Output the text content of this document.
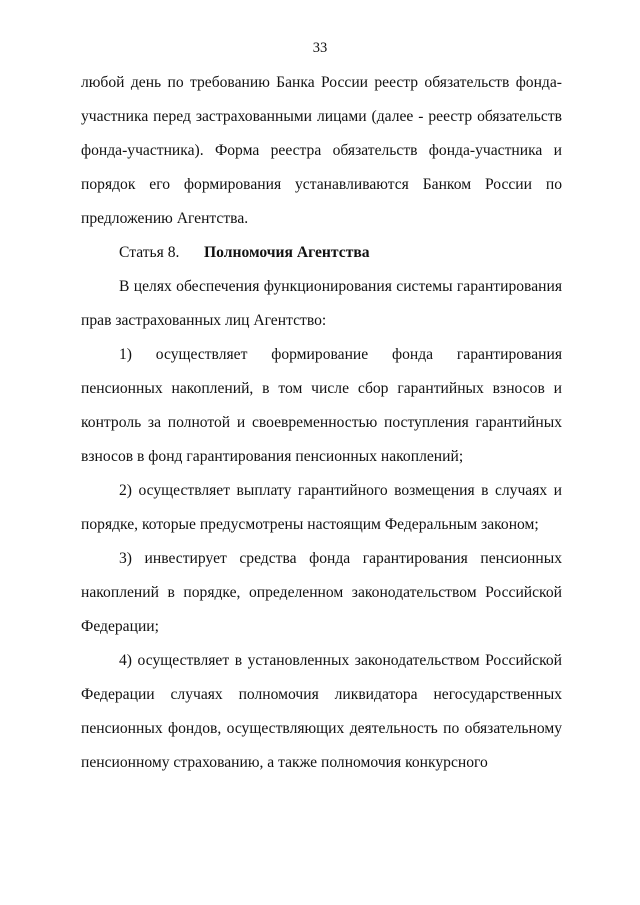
33

любой день по требованию Банка России реестр обязательств фонда-участника перед застрахованными лицами (далее - реестр обязательств фонда-участника). Форма реестра обязательств фонда-участника и порядок его формирования устанавливаются Банком России по предложению Агентства.

Статья 8. Полномочия Агентства

В целях обеспечения функционирования системы гарантирования прав застрахованных лиц Агентство:

1) осуществляет формирование фонда гарантирования пенсионных накоплений, в том числе сбор гарантийных взносов и контроль за полнотой и своевременностью поступления гарантийных взносов в фонд гарантирования пенсионных накоплений;

2) осуществляет выплату гарантийного возмещения в случаях и порядке, которые предусмотрены настоящим Федеральным законом;

3) инвестирует средства фонда гарантирования пенсионных накоплений в порядке, определенном законодательством Российской Федерации;

4) осуществляет в установленных законодательством Российской Федерации случаях полномочия ликвидатора негосударственных пенсионных фондов, осуществляющих деятельность по обязательному пенсионному страхованию, а также полномочия конкурсного
